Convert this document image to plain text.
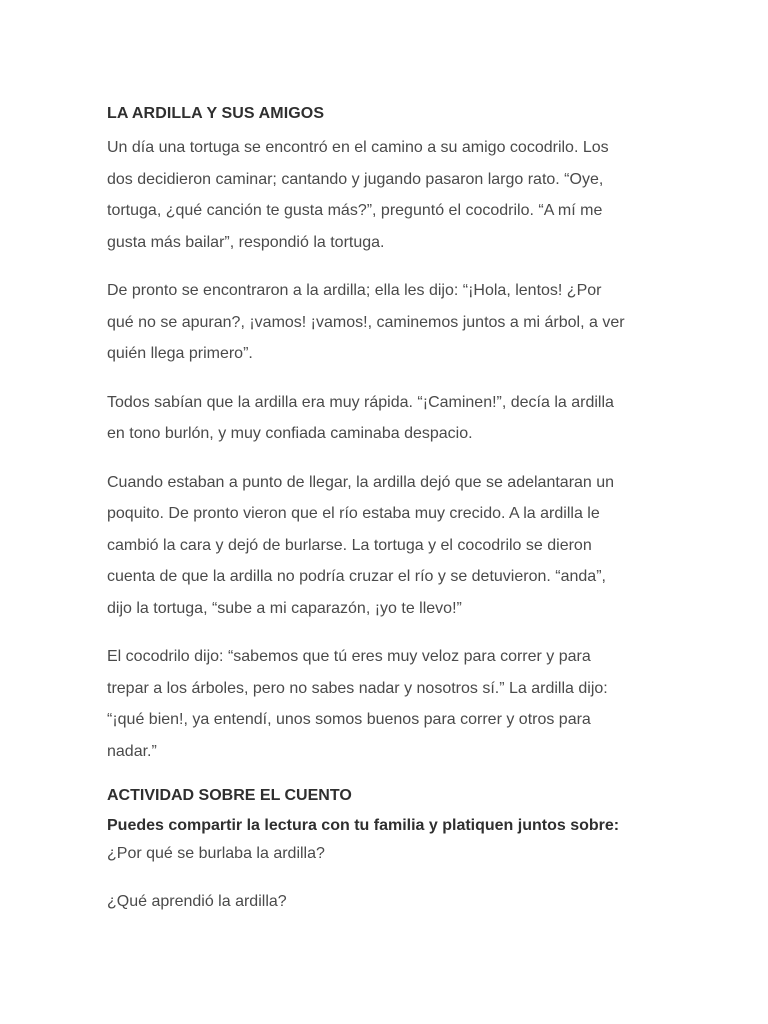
LA ARDILLA Y SUS AMIGOS
Un día una tortuga se encontró en el camino a su amigo cocodrilo. Los
dos decidieron caminar; cantando y jugando pasaron largo rato. “Oye,
tortuga, ¿qué canción te gusta más?”, preguntó el cocodrilo. “A mí me
gusta más bailar”, respondió la tortuga.
De pronto se encontraron a la ardilla; ella les dijo: “¡Hola, lentos! ¿Por
qué no se apuran?, ¡vamos! ¡vamos!, caminemos juntos a mi árbol, a ver
quién llega primero”.
Todos sabían que la ardilla era muy rápida. “¡Caminen!”, decía la ardilla
en tono burlón, y muy confiada caminaba despacio.
Cuando estaban a punto de llegar, la ardilla dejó que se adelantaran un
poquito. De pronto vieron que el río estaba muy crecido. A la ardilla le
cambió la cara y dejó de burlarse. La tortuga y el cocodrilo se dieron
cuenta de que la ardilla no podría cruzar el río y se detuvieron. “anda”,
dijo la tortuga, “sube a mi caparazón, ¡yo te llevo!”
El cocodrilo dijo: “sabemos que tú eres muy veloz para correr y para
trepar a los árboles, pero no sabes nadar y nosotros sí.” La ardilla dijo:
“¡qué bien!, ya entendí, unos somos buenos para correr y otros para
nadar.”
ACTIVIDAD SOBRE EL CUENTO
Puedes compartir la lectura con tu familia y platiquen juntos sobre:
¿Por qué se burlaba la ardilla?
¿Qué aprendió la ardilla?
